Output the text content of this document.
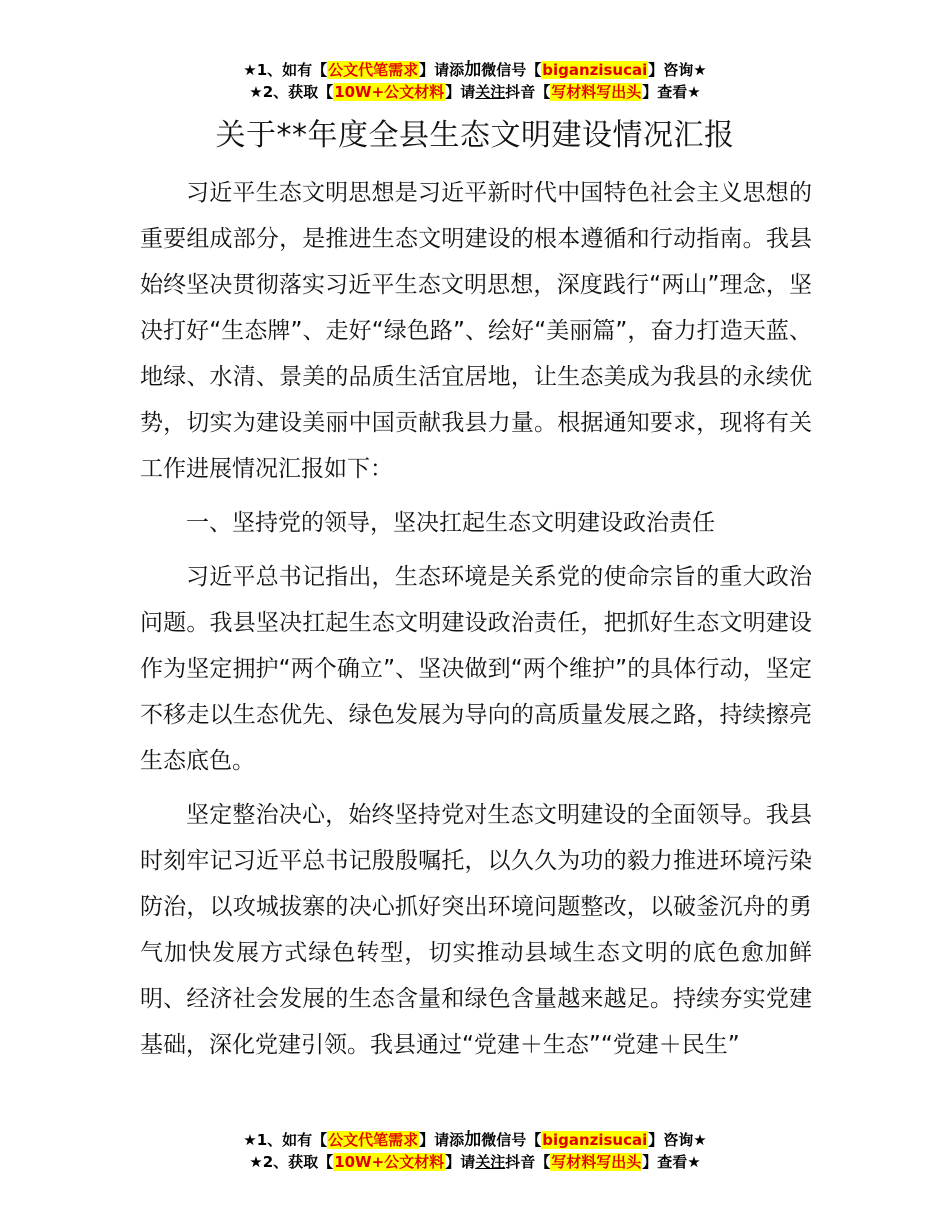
★1、如有【公文代笔需求】请添加微信号【biganzisucai】咨询★
★2、获取【10W+公文材料】请关注抖音【写材料写出头】查看★
关于**年度全县生态文明建设情况汇报

习近平生态文明思想是习近平新时代中国特色社会主义思想的重要组成部分，是推进生态文明建设的根本遵循和行动指南。我县始终坚决贯彻落实习近平生态文明思想，深度践行“两山”理念，坚决打好“生态牌”、走好“绿色路”、绘好“美丽篇”，奋力打造天蓝、地绿、水清、景美的品质生活宜居地，让生态美成为我县的永续优势，切实为建设美丽中国贡献我县力量。根据通知要求，现将有关工作进展情况汇报如下：

一、坚持党的领导，坚决扛起生态文明建设政治责任

习近平总书记指出，生态环境是关系党的使命宗旨的重大政治问题。我县坚决扛起生态文明建设政治责任，把抓好生态文明建设作为坚定拥护“两个确立”、坚决做到“两个维护”的具体行动，坚定不移走以生态优先、绿色发展为导向的高质量发展之路，持续擦亮生态底色。

坚定整治决心，始终坚持党对生态文明建设的全面领导。我县时刻牢记习近平总书记殷殷嘱托，以久久为功的毅力推进环境污染防治，以攻城拔寨的决心抓好突出环境问题整改，以破釜沉舟的勇气加快发展方式绿色转型，切实推动县域生态文明的底色愈加鲜明、经济社会发展的生态含量和绿色含量越来越足。持续夯实党建基础，深化党建引领。我县通过“党建＋生态”“党建＋民生”

★1、如有【公文代笔需求】请添加微信号【biganzisucai】咨询★
★2、获取【10W+公文材料】请关注抖音【写材料写出头】查看★
